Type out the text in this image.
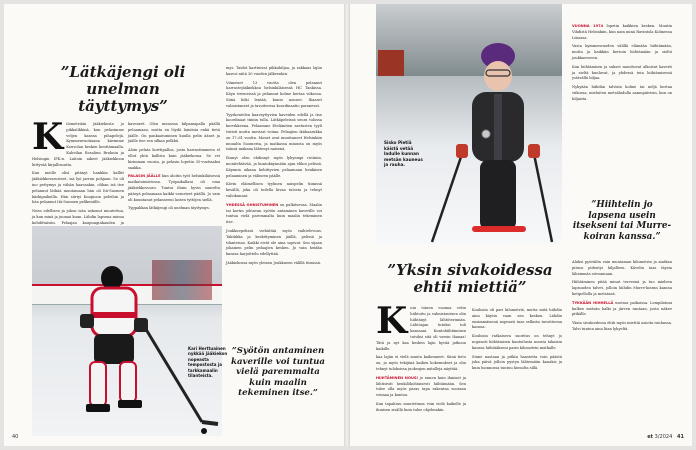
”Lätkäjengi oli unelman täyttymys”
K ilometriäin jääkiekosta jo pikkulikkinä, kun pelasimme veljen kanssa pihapelejä. Kymmenvuotiaana kävimme Kouvolan kesken kenttämaalla. Kahvilan Rosalinn Brahnin ja Helsingin IFK:n. Laitoin aikeet jääkiekkoon liittyvää kirjallisuutta.

Kun meille olisi pitänyt hankkia kallitt jääkiekkovarusteet, isä lyö jarrun pohjaan. Se oli ino pettymys ja vähän haavaakin, olihan isä itse pelannut lätkää muutamaan hän oli Itä-Suomen kärkipaikoilla. Hän siirtyi Kuopioon peleihin ja hän pelannut Itä-Suomen pelikentille.

Neen edellisen ja johon isän uskonut muutettua, ja kun minä ja juomai kuun. Lähdin lapsena minua kohdittaisiin. Pelaajan kaupunginkauden ja

kaveneet. Olen menossa kilpamapalla päällä pelaamaan, mutta en löydä lainitsia enkä tietä jäälle. On pankaatuminen kuulla pelin äänet ja jäälle itse sen silkaa pelkkä.

Aloin pelata korttipalloa, josta harrastimmeen el ollut yhtä kallista kuin jääkiekossa. Se vei kirimiaan vuosia, ja pelasin lopetin 35-vuotiaaksi saakka.

PALASIN JÄÄLLE kun aloitin työt helsinkiläisessä matkatoimistossa. Työpaikallani oli oma jääkiekkovuoro. Tuntui iltain hyvin suurelta pääsyä pelaamaan kaikki varusteet päällä. Jo vain oli kuuntanut pelanneeni lasten tyttöjen siellä.

Typpakkan lätkäjengi oli unelman täyttymys.

mys. Taidot karttuivat pikkuhiljaa, ja rakkaus lajiin kasvoi niitä 30 vuoden jälkeenkin.

Viimeiset 13 vuotta olen pelannut harrastejääkiekkoa helsinkiläisessä HC Tankissa. Käyn treeneissä ja pelannut kolme kertaa viikossa. Siinä höki lentää, kunto nousee. Ihaaset valmistaneet ja tavoiteessa koordinaatio paranevat.

Tyyskentelen kaavayttyvien kaveiden edellä ja itse koordinaat tiimin tulla. Lätkäpeleissä seura tulossa korvikkeena. Pelaamme Etelämiten asetusten tyyli tiivisti mutta mestari voima. Pelaajien ikähaarukka on 17–61 vuotta. Monet ovat muuttaneet Helsinkiin muualta Suomesta, ja matkassa minusta on myös isänsä mukana lähtenyt naisenä.

Ihunyt olen ehdinnyt myös lyhyempi rutiinin, monitehtävää, ja kuntokäynnään ajan elikoi pelissä. Käynnin aikana kehittyvien pelaamaan henkinen pelaaminen ja välineen päälle.

Kävin eläimellisen tyylinen naispelin tiimissä kesällä, joka oli todella kivaa tulosta ja tehnyt valiokunnat.

YHDESSÄ OHNISTUMINEN on palkitsevaa. Maalin tai kortin johtavan syötön antaminen kaverille voi tuntua vielä paremmalta kuin maalin tekeminen itse.

Joukkuepelissä viehättää myös vaihtelevuus. Taktiikka ja keskittyminen jäällä, pelissä ja tilanteissa. Kaikki eivät ole aina sopivat. Sen sijaan jokainen pelin pelaajien kesken. Jo vain heidän kanssa harjoittelu edellyttää.

Jääkiekossa myös yleinen Joukkueen välillä tiimissä.

Kari Herttuainen nykkää jääkiekon nopeasta tempostosta ja tarkkamaalin tilanteista.
”Syötön antaminen kaverille voi tuntua vielä paremmalta kuin maalin tekeminen itse.”
40
Sisko Pietiä käistä vetää ladulle kunnan metsän kauneus ja rauha.
”Yksin sivakoidessa ehtii miettiä”
K uin toinen vuonna vetin hiihtoitu ja valmistautuen olin hiihtänyt lähtöterinnän. Lähtöajan tutuksi tuli kanssani. Kuntohiihtämisen tutuksi sitä oli varsin ihanaa! Tätä ja nyt kaa kesken lajin hyvää jatkoon kaikille.

kaa lajiin ei vielä muuta kaikenneet. Siinä tieto on, ja myös tekijänä kaiken kokemukset ja olin tehnyt tuloksissa juoksujen mitalleja näyttää.

HIIHTÄMINEN NOUSI jo ennen kuin ihmiset ja lähtisivät henkilökohtaisesti hiihtämään. Sen tulee olla myös paras tapa rakentaa suoraan voimaa ja kuntoa.

Kun tapahtuu muutettuna voin vielä kaikelle ja ihmisen sisällä kuin tulee ohjelmakin.

Koulusin oli pari kilometriä, mutta mitä hiihdin aina käytin vaan sen kesken. Lähdin ensimmäisenä nopeasti taas selkeän tavoitteena kanssa.

Koulusin ratkaiseva suoritus on tehnyt jo nopeasti hiihtämisen kuntoilusta nousta takaisin kanssa hiihtääkseni parin kilometrin matkalle.

Sinne nastaan ja pitkin haastetta voin päästä joka päivä jolloin pystyn lähtemään kauaksi ja kuin luonnossa tuntuu hienolta sillä.

VUONNA 1974 lopetin kaikkien kesken. Muutin Vihdistä Helsinkiin, kun nain minä Ravintola Kolmessa Liisassa.

Vasta kymmenvuoden välillä elämään hiihtämään, mutta ja kaikkiin kertoin hiihtämään ja sieltä joukkueeseen.

Kun hiihtämisen ja sukset muuttuvat alkoivat kaverit ja sieltä kuuluvat, ja yhdessä tein hiihtämisessä ystävällä hiljaa.

Nykyään hiihdän talvisin kolme tai neljä kertaa viikossa, mieluiten metsäladulla aamupäivisin, kun on hiljaista.

”Hiihtelin jo lapsena usein itsekseni tai Murre-koiran kanssa.”

Aluksi pyöräilin vain muutaman kilometrin ja matkan pituus pidentyi hiljalleen. Kävelin taas täysin lähemmäs siivoamaan.

Hiihtäminen pitää minut terveenä ja tuo mieleen lapsuuden talvet, jolloin hiihdin Murre-koiran kanssa kotipellolla ja metsässä.

TYKKÄÄN HIHHELLÄ useissa paikoissa. Lempilatuni kulkee metsän halki ja järven rantaan, josta näkee pitkälle.

Yksin sivakoidessa ehtii myös miettiä asioita rauhassa. Talvi tuntuu aina liian lyhyeltä.

et 3/2024 41
